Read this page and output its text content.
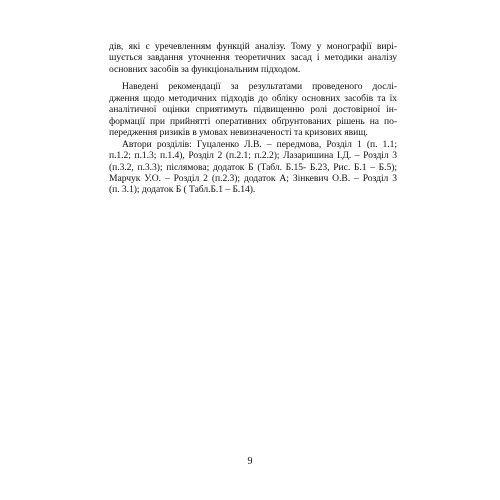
дів, які є уречевленням функцій аналізу. Тому у монографії вирі-
шується завдання уточнення теоретичних засад і методики аналізу
основних засобів за функціональним підходом.

Наведені рекомендації за результатами проведеного дослі-
дження щодо методичних підходів до обліку основних засобів та їх
аналітичної оцінки сприятимуть підвищенню ролі достовірної ін-
формації при прийнятті оперативних обґрунтованих рішень на по-
передження ризиків в умовах невизначеності та кризових явищ.

Автори розділів: Гуцаленко Л.В. – передмова, Розділ 1 (п. 1.1;
п.1.2; п.1.3; п.1.4), Розділ 2 (п.2.1; п.2.2); Лазаришина І.Д. – Розділ 3
(п.3.2, п.3.3); післямова; додаток Б (Табл. Б.15- Б.23, Рис. Б.1 – Б.5);
Марчук У.О. – Розділ 2 (п.2.3); додаток А; Зінкевич О.В. – Розділ 3
(п. 3.1); додаток Б ( Табл.Б.1 – Б.14).

9
